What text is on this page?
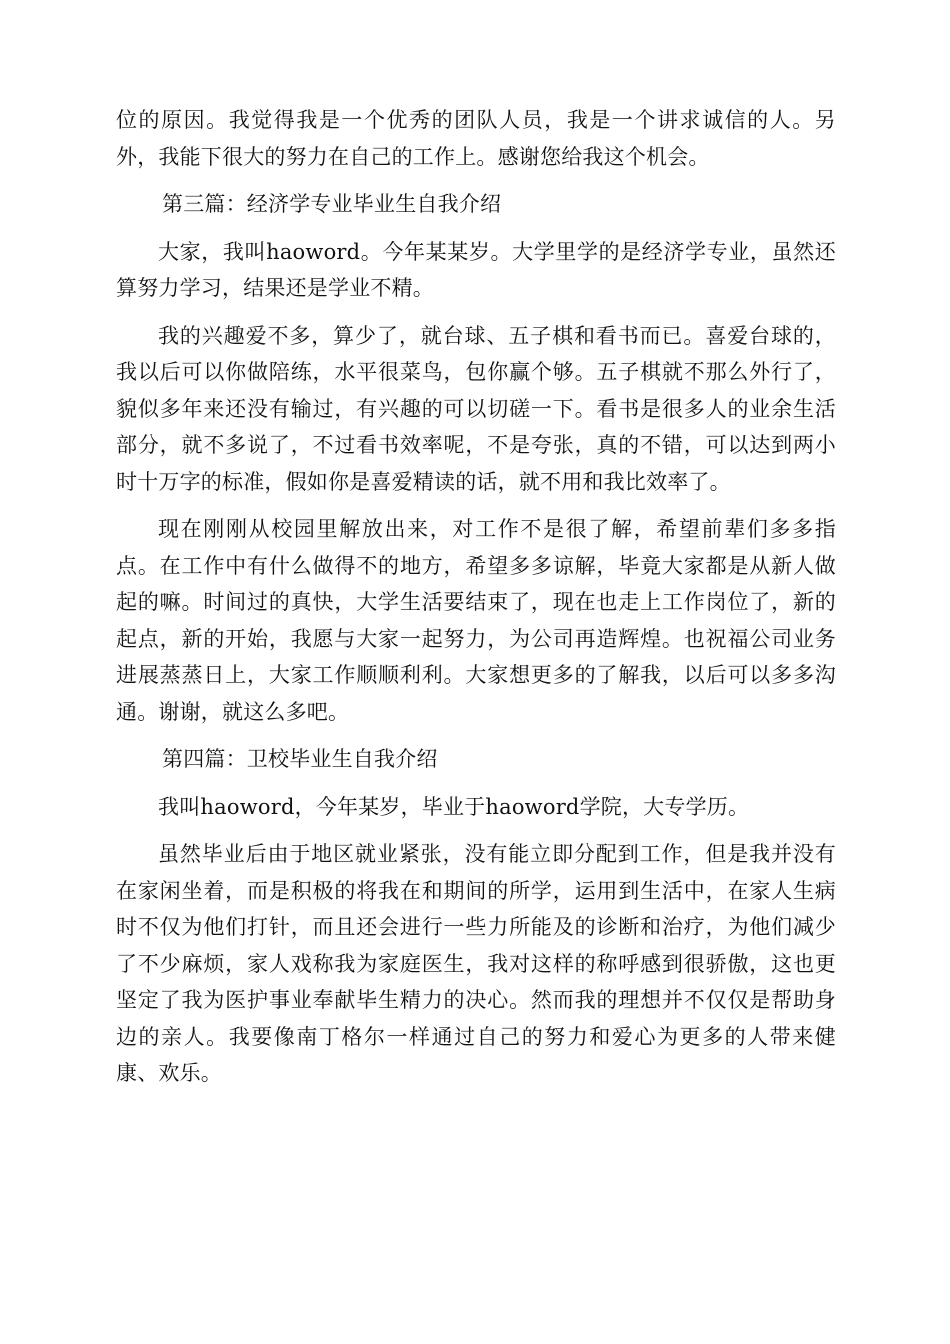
位的原因。我觉得我是一个优秀的团队人员，我是一个讲求诚信的人。另外，我能下很大的努力在自己的工作上。感谢您给我这个机会。

第三篇：经济学专业毕业生自我介绍

大家，我叫haoword。今年某某岁。大学里学的是经济学专业，虽然还算努力学习，结果还是学业不精。

我的兴趣爱不多，算少了，就台球、五子棋和看书而已。喜爱台球的，我以后可以你做陪练，水平很菜鸟，包你赢个够。五子棋就不那么外行了，貌似多年来还没有输过，有兴趣的可以切磋一下。看书是很多人的业余生活部分，就不多说了，不过看书效率呢，不是夸张，真的不错，可以达到两小时十万字的标准，假如你是喜爱精读的话，就不用和我比效率了。

现在刚刚从校园里解放出来，对工作不是很了解，希望前辈们多多指点。在工作中有什么做得不的地方，希望多多谅解，毕竟大家都是从新人做起的嘛。时间过的真快，大学生活要结束了，现在也走上工作岗位了，新的起点，新的开始，我愿与大家一起努力，为公司再造辉煌。也祝福公司业务进展蒸蒸日上，大家工作顺顺利利。大家想更多的了解我，以后可以多多沟通。谢谢，就这么多吧。

第四篇：卫校毕业生自我介绍

我叫haoword，今年某岁，毕业于haoword学院，大专学历。

虽然毕业后由于地区就业紧张，没有能立即分配到工作，但是我并没有在家闲坐着，而是积极的将我在和期间的所学，运用到生活中，在家人生病时不仅为他们打针，而且还会进行一些力所能及的诊断和治疗，为他们减少了不少麻烦，家人戏称我为家庭医生，我对这样的称呼感到很骄傲，这也更坚定了我为医护事业奉献毕生精力的决心。然而我的理想并不仅仅是帮助身边的亲人。我要像南丁格尔一样通过自己的努力和爱心为更多的人带来健康、欢乐。
